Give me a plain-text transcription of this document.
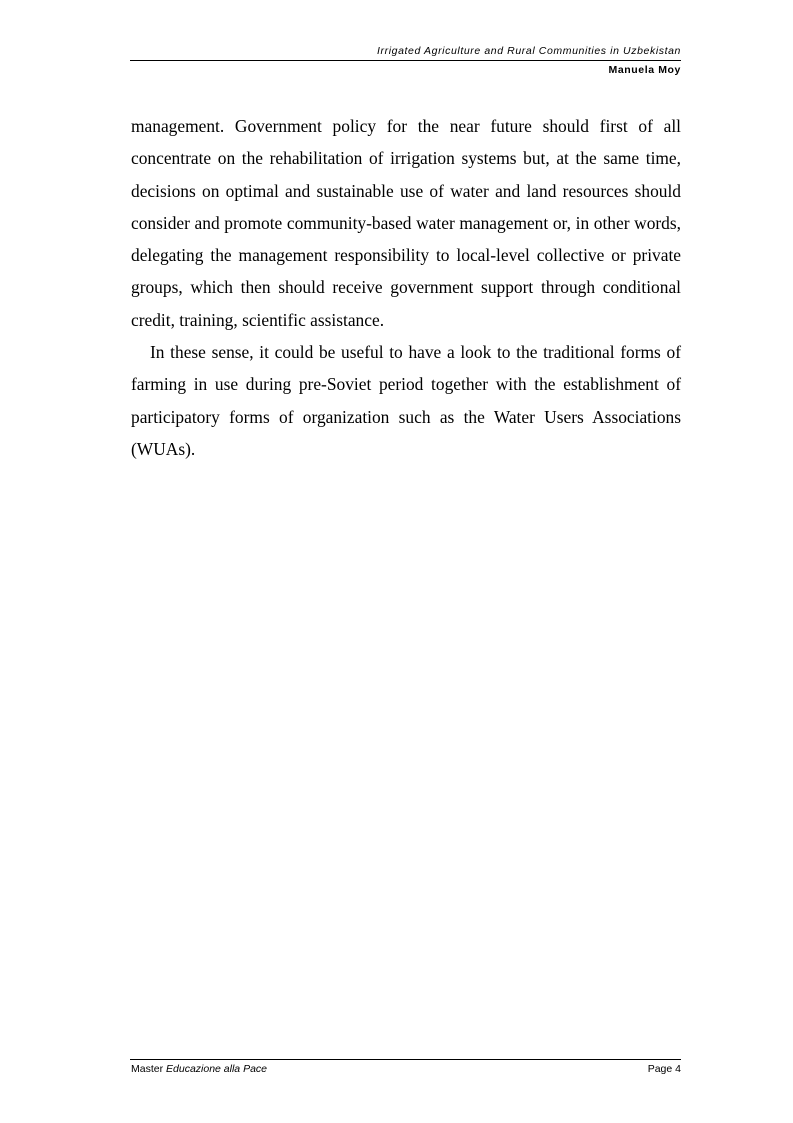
Irrigated Agriculture and Rural Communities in Uzbekistan
Manuela Moy

management. Government policy for the near future should first of all concentrate on the rehabilitation of irrigation systems but, at the same time, decisions on optimal and sustainable use of water and land resources should consider and promote community-based water management or, in other words, delegating the management responsibility to local-level collective or private groups, which then should receive government support through conditional credit, training, scientific assistance.

In these sense, it could be useful to have a look to the traditional forms of farming in use during pre-Soviet period together with the establishment of participatory forms of organization such as the Water Users Associations (WUAs).

Master Educazione alla Pace	Page 4
